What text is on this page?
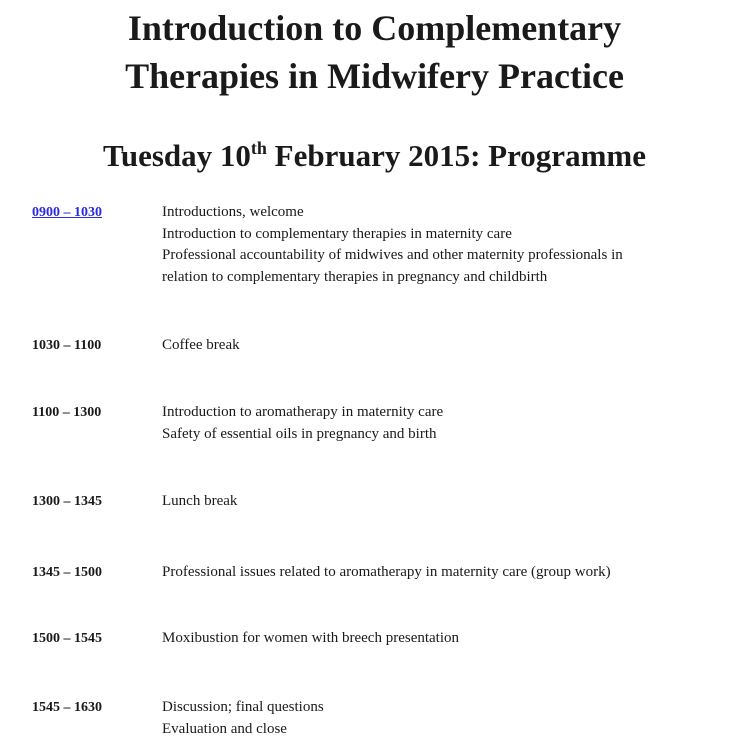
Introduction to Complementary
Therapies in Midwifery Practice
Tuesday 10th February 2015: Programme
0900 – 1030	Introductions, welcome
Introduction to complementary therapies in maternity care
Professional accountability of midwives and other maternity professionals in
relation to complementary therapies in pregnancy and childbirth
1030 – 1100	Coffee break
1100 – 1300	Introduction to aromatherapy in maternity care
Safety of essential oils in pregnancy and birth
1300 – 1345	Lunch break
1345 – 1500	Professional issues related to aromatherapy in maternity care (group work)
1500 – 1545	Moxibustion for women with breech presentation
1545 – 1630	Discussion; final questions
Evaluation and close
